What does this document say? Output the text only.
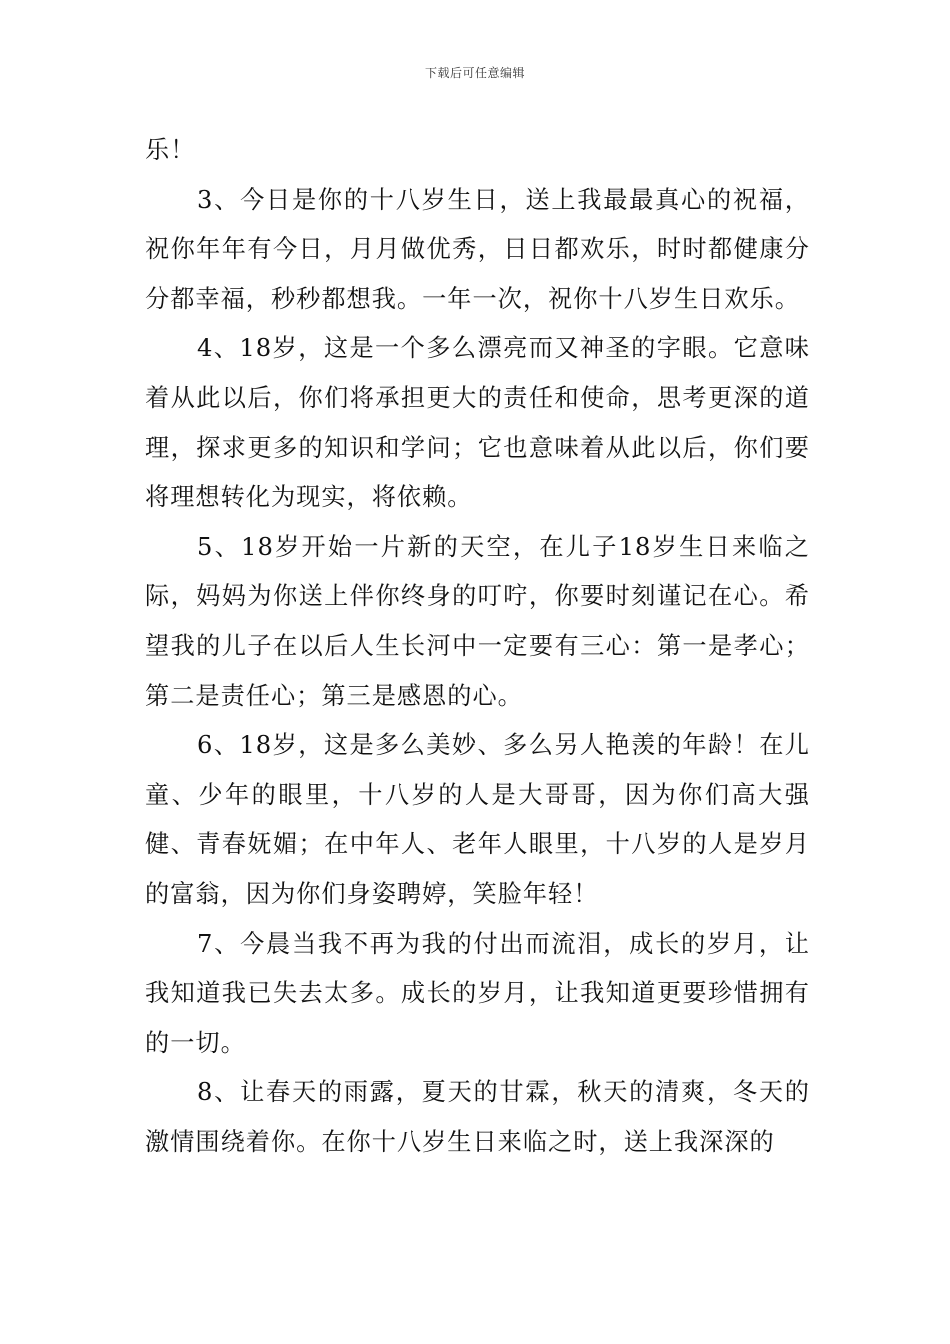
下载后可任意编辑

乐！

3、今日是你的十八岁生日，送上我最最真心的祝福，祝你年年有今日，月月做优秀，日日都欢乐，时时都健康分分都幸福，秒秒都想我。一年一次，祝你十八岁生日欢乐。

4、18岁，这是一个多么漂亮而又神圣的字眼。它意味着从此以后，你们将承担更大的责任和使命，思考更深的道理，探求更多的知识和学问；它也意味着从此以后，你们要将理想转化为现实，将依赖。

5、18岁开始一片新的天空，在儿子18岁生日来临之际，妈妈为你送上伴你终身的叮咛，你要时刻谨记在心。希望我的儿子在以后人生长河中一定要有三心：第一是孝心；第二是责任心；第三是感恩的心。

6、18岁，这是多么美妙、多么另人艳羡的年龄！在儿童、少年的眼里，十八岁的人是大哥哥，因为你们高大强健、青春妩媚；在中年人、老年人眼里，十八岁的人是岁月的富翁，因为你们身姿聘婷，笑脸年轻！

7、今晨当我不再为我的付出而流泪，成长的岁月，让我知道我已失去太多。成长的岁月，让我知道更要珍惜拥有的一切。

8、让春天的雨露，夏天的甘霖，秋天的清爽，冬天的激情围绕着你。在你十八岁生日来临之时，送上我深深的
